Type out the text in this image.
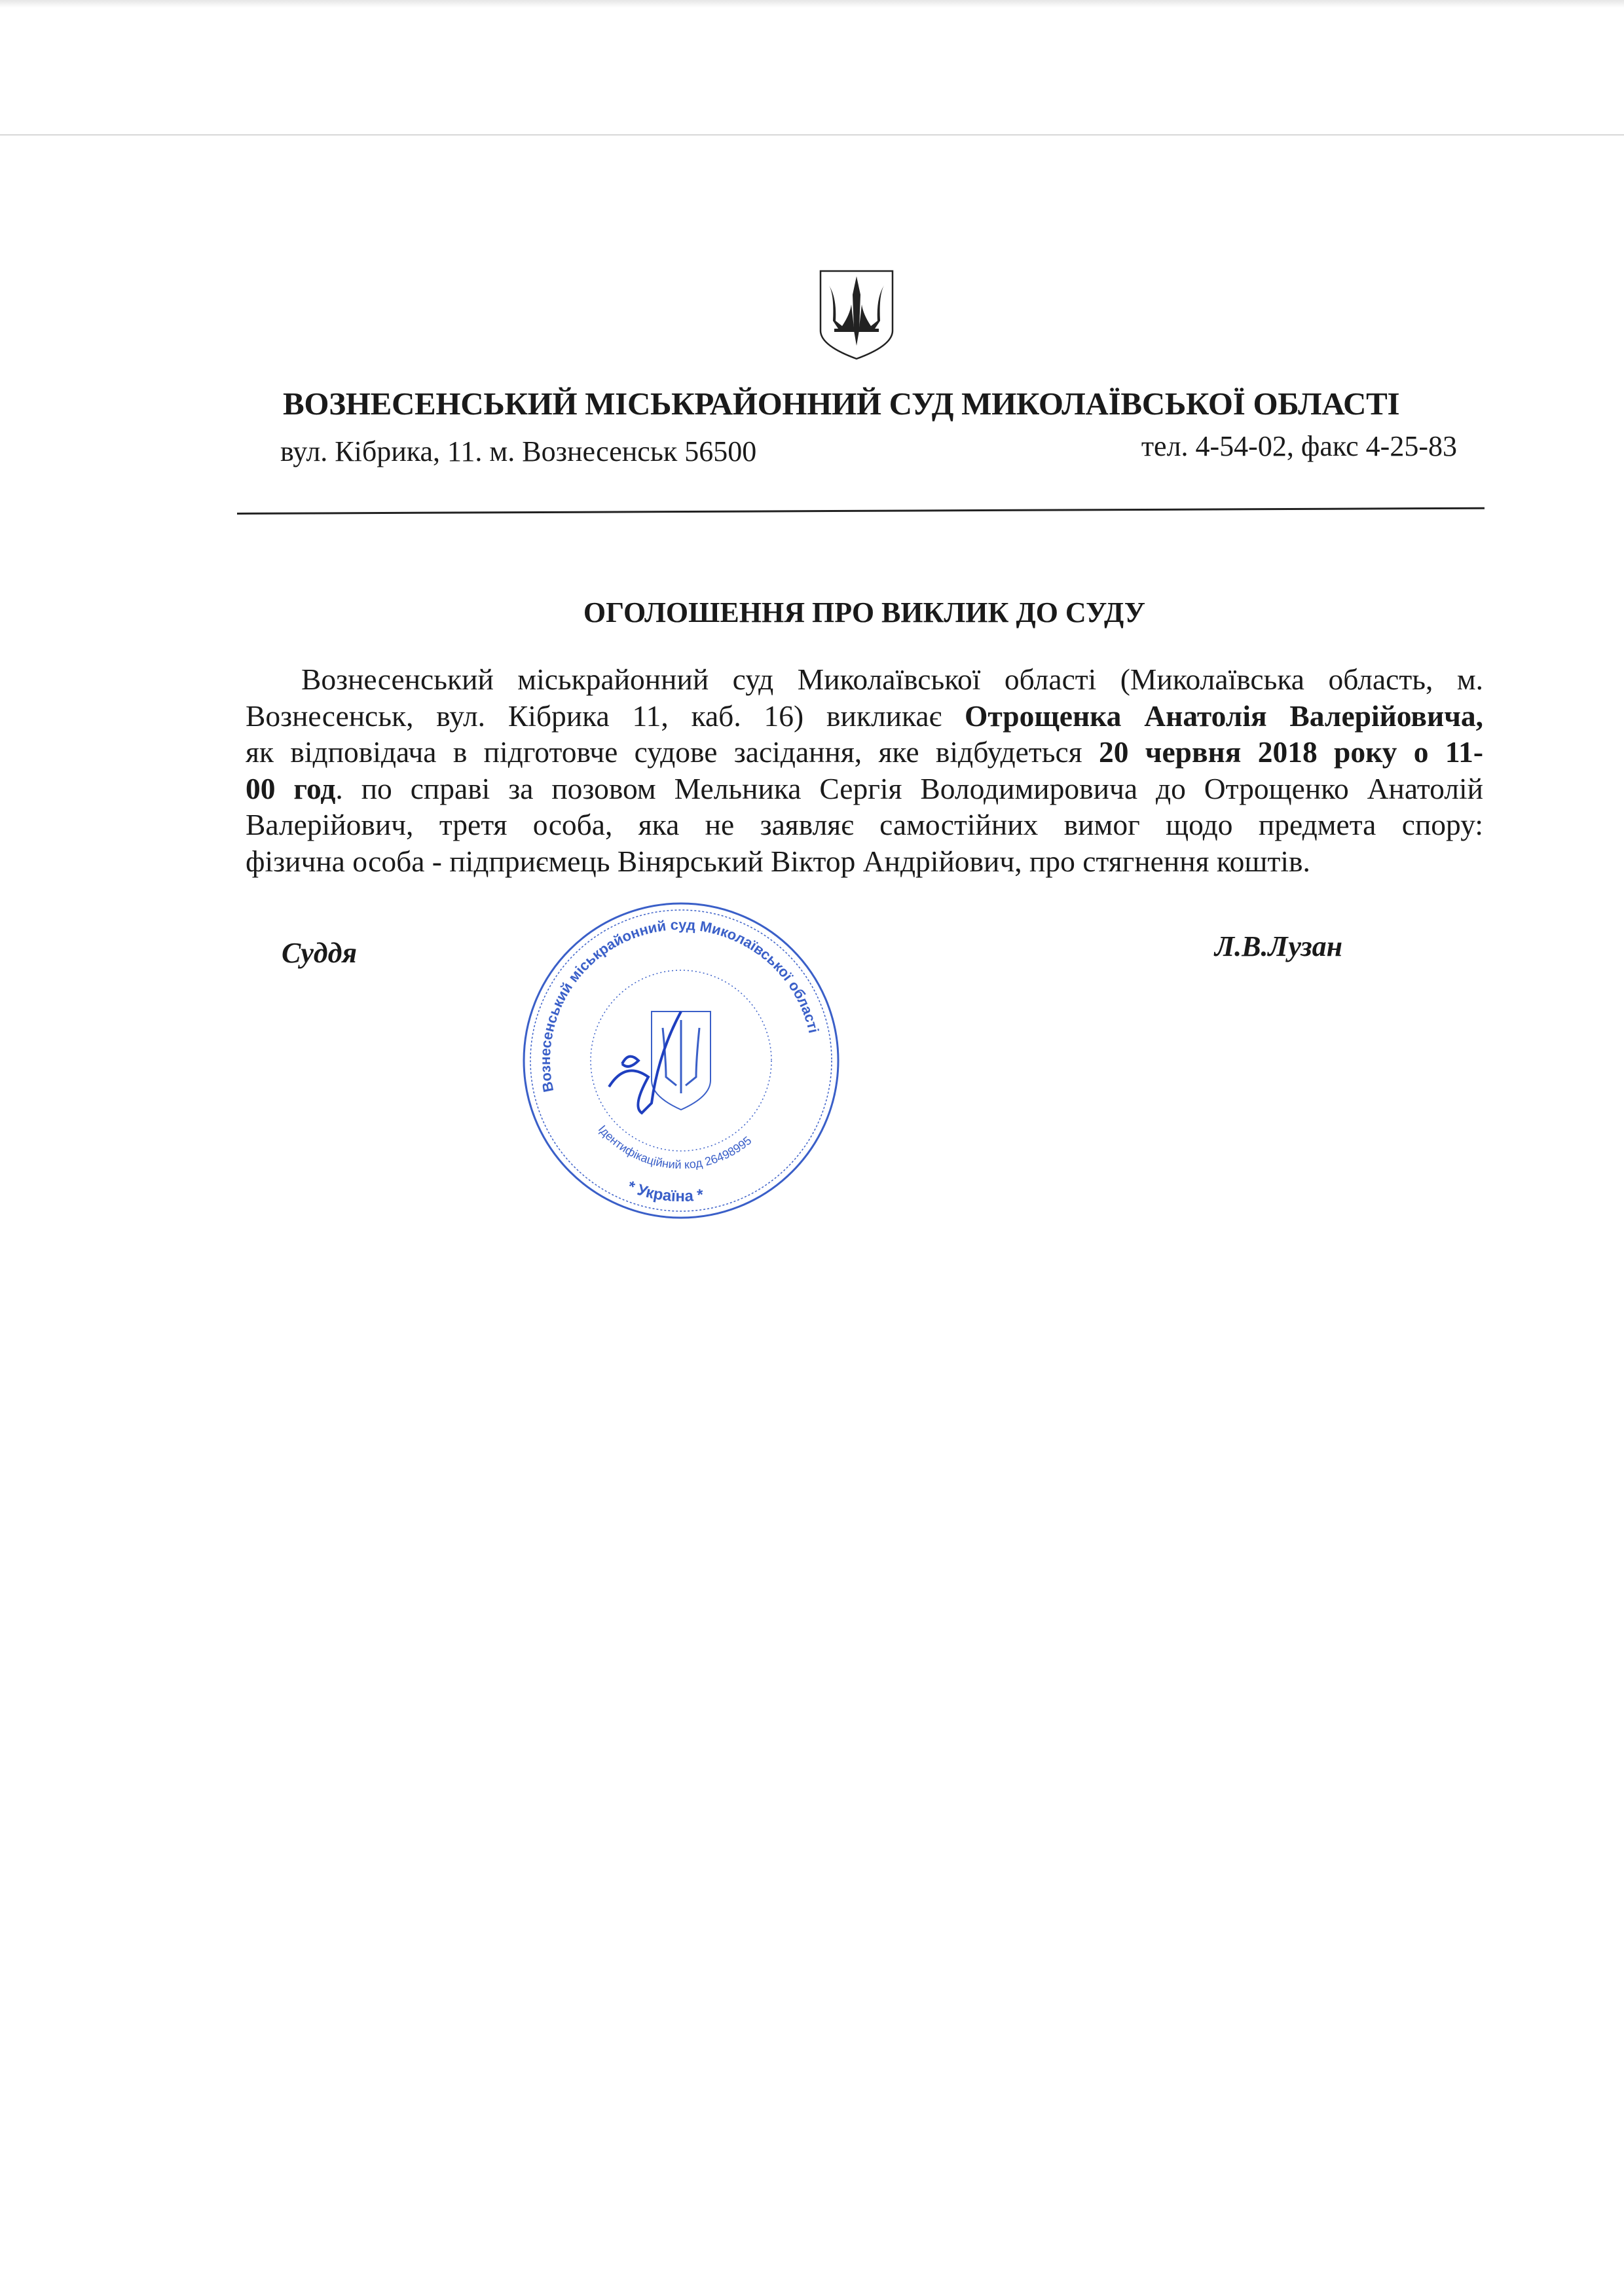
ВОЗНЕСЕНСЬКИЙ МІСЬКРАЙОННИЙ СУД МИКОЛАЇВСЬКОЇ ОБЛАСТІ
вул. Кібрика, 11. м. Вознесенськ 56500	тел. 4-54-02, факс 4-25-83
ОГОЛОШЕННЯ ПРО ВИКЛИК ДО СУДУ
Вознесенський міськрайонний суд Миколаївської області (Миколаївська область, м.
Вознесенськ, вул. Кібрика 11, каб. 16) викликає Отрощенка Анатолія Валерійовича,
як відповідача в підготовче судове засідання, яке відбудеться 20 червня 2018 року о 11-
00 год. по справі за позовом Мельника Сергія Володимировича до Отрощенко Анатолій
Валерійович, третя особа, яка не заявляє самостійних вимог щодо предмета спору:
фізична особа - підприємець Вінярський Віктор Андрійович, про стягнення коштів.
Суддя	Л.В.Лузан
Вознесенський міськрайонний суд Миколаївської області
Ідентифікаційний код 26498995
* Україна *
